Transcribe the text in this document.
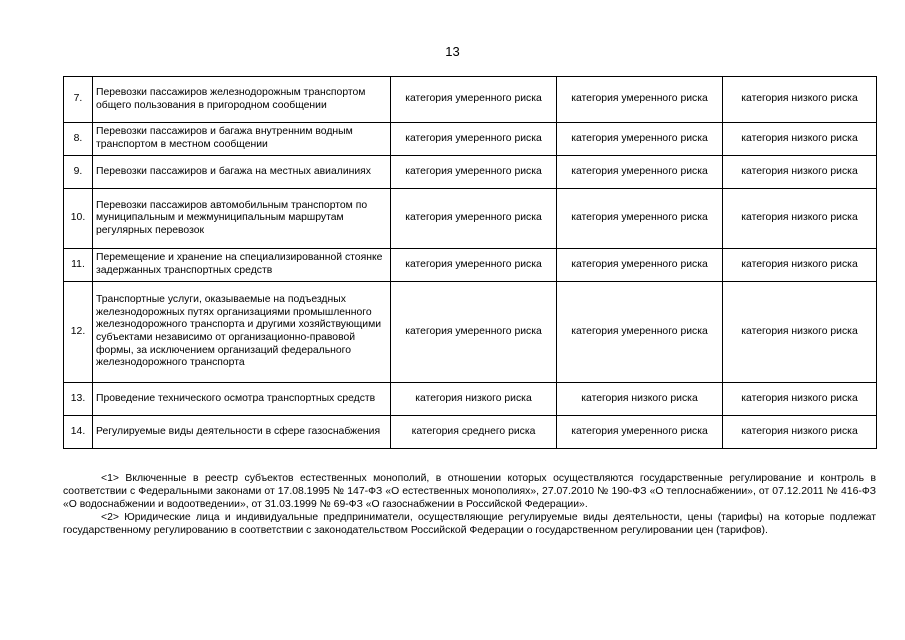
13
7.	Перевозки пассажиров железнодорожным транспортом общего пользования в пригородном сообщении	категория умеренного риска	категория умеренного риска	категория низкого риска
8.	Перевозки пассажиров и багажа внутренним водным транспортом в местном сообщении	категория умеренного риска	категория умеренного риска	категория низкого риска
9.	Перевозки пассажиров и багажа на местных авиалиниях	категория умеренного риска	категория умеренного риска	категория низкого риска
10.	Перевозки пассажиров автомобильным транспортом по муниципальным и межмуниципальным маршрутам регулярных перевозок	категория умеренного риска	категория умеренного риска	категория низкого риска
11.	Перемещение и хранение на специализированной стоянке задержанных транспортных средств	категория умеренного риска	категория умеренного риска	категория низкого риска
12.	Транспортные услуги, оказываемые на подъездных железнодорожных путях организациями промышленного железнодорожного транспорта и другими хозяйствующими субъектами независимо от организационно-правовой формы, за исключением организаций федерального железнодорожного транспорта	категория умеренного риска	категория умеренного риска	категория низкого риска
13.	Проведение технического осмотра транспортных средств	категория низкого риска	категория низкого риска	категория низкого риска
14.	Регулируемые виды деятельности в сфере газоснабжения	категория среднего риска	категория умеренного риска	категория низкого риска

<1> Включенные в реестр субъектов естественных монополий, в отношении которых осуществляются государственные регулирование и контроль в соответствии с Федеральными законами от 17.08.1995 № 147-ФЗ «О естественных монополиях», 27.07.2010 № 190-ФЗ «О теплоснабжении», от 07.12.2011 № 416-ФЗ «О водоснабжении и водоотведении», от 31.03.1999 № 69-ФЗ «О газоснабжении в Российской Федерации».

<2> Юридические лица и индивидуальные предприниматели, осуществляющие регулируемые виды деятельности, цены (тарифы) на которые подлежат государственному регулированию в соответствии с законодательством Российской Федерации о государственном регулировании цен (тарифов).
